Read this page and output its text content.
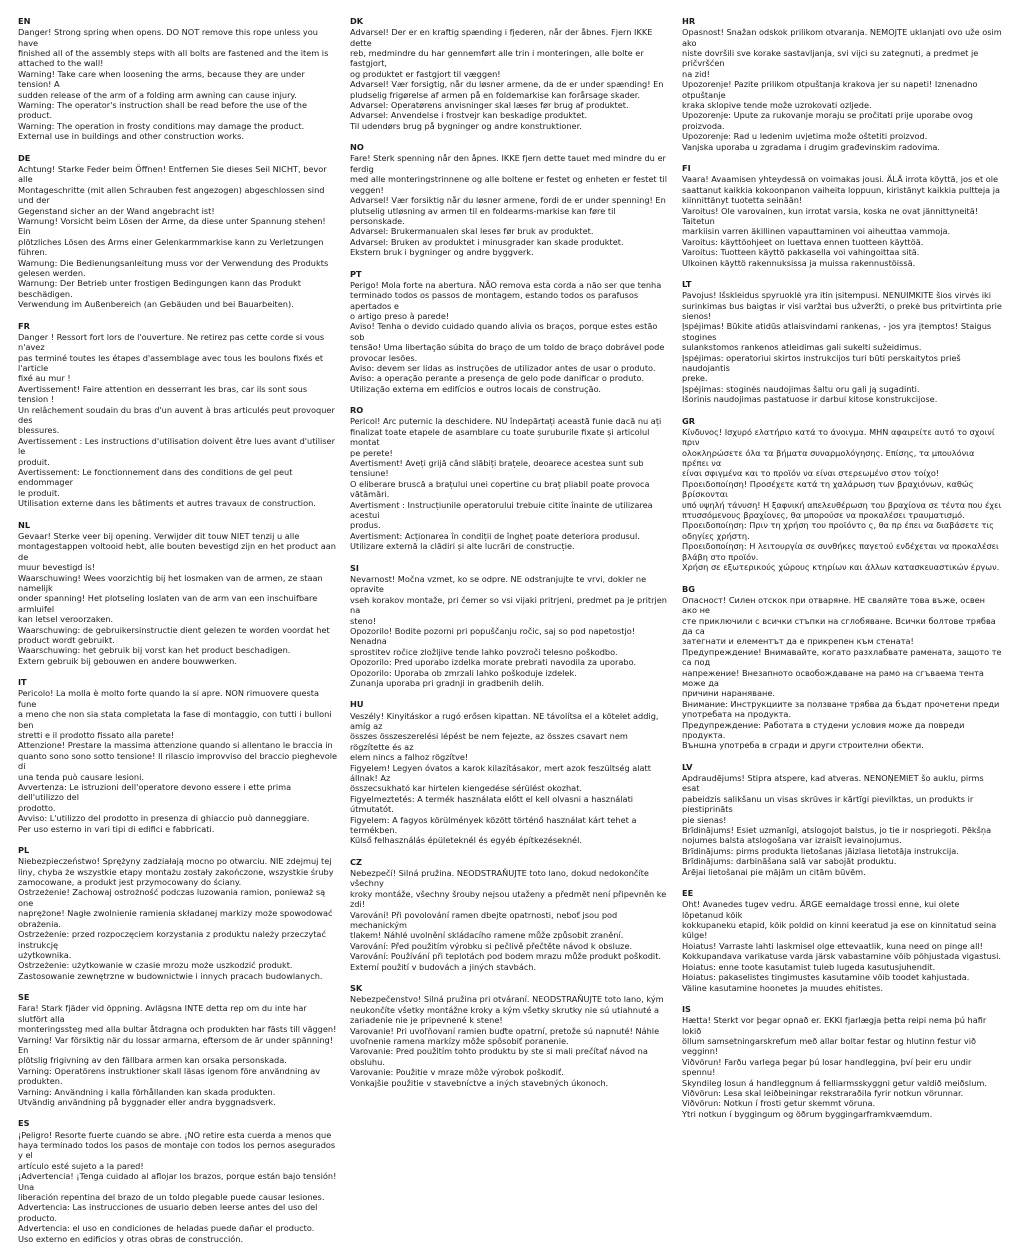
EN

Danger! Strong spring when opens. DO NOT remove this rope unless you have
finished all of the assembly steps with all bolts are fastened and the item is
attached to the wall!
Warning! Take care when loosening the arms, because they are under tension! A
sudden release of the arm of a folding arm awning can cause injury.
Warning: The operator's instruction shall be read before the use of the product.
Warning: The operation in frosty conditions may damage the product.
External use in buildings and other construction works.

DE

Achtung! Starke Feder beim Öffnen! Entfernen Sie dieses Seil NICHT, bevor alle
Montageschritte (mit allen Schrauben fest angezogen) abgeschlossen sind und der
Gegenstand sicher an der Wand angebracht ist!
Warnung! Vorsicht beim Lösen der Arme, da diese unter Spannung stehen! Ein
plötzliches Lösen des Arms einer Gelenkarmmarkise kann zu Verletzungen führen.
Warnung: Die Bedienungsanleitung muss vor der Verwendung des Produkts
gelesen werden.
Warnung: Der Betrieb unter frostigen Bedingungen kann das Produkt beschädigen.
Verwendung im Außenbereich (an Gebäuden und bei Bauarbeiten).

FR

Danger ! Ressort fort lors de l'ouverture. Ne retirez pas cette corde si vous n'avez
pas terminé toutes les étapes d'assemblage avec tous les boulons fixés et l'article
fixé au mur !
Avertissement! Faire attention en desserrant les bras, car ils sont sous tension !
Un relâchement soudain du bras d'un auvent à bras articulés peut provoquer des
blessures.
Avertissement : Les instructions d'utilisation doivent être lues avant d'utiliser le
produit.
Avertissement: Le fonctionnement dans des conditions de gel peut endommager
le produit.
Utilisation externe dans les bâtiments et autres travaux de construction.

NL

Gevaar! Sterke veer bij opening. Verwijder dit touw NIET tenzij u alle
montagestappen voltooid hebt, alle bouten bevestigd zijn en het product aan de
muur bevestigd is!
Waarschuwing! Wees voorzichtig bij het losmaken van de armen, ze staan namelijk
onder spanning! Het plotseling loslaten van de arm van een inschuifbare armluifel
kan letsel veroorzaken.
Waarschuwing: de gebruikersinstructie dient gelezen te worden voordat het
product wordt gebruikt.
Waarschuwing: het gebruik bij vorst kan het product beschadigen.
Extern gebruik bij gebouwen en andere bouwwerken.

IT

Pericolo! La molla è molto forte quando la si apre. NON rimuovere questa fune
a meno che non sia stata completata la fase di montaggio, con tutti i bulloni ben
stretti e il prodotto fissato alla parete!
Attenzione! Prestare la massima attenzione quando si allentano le braccia in
quanto sono sono sotto tensione! Il rilascio improvviso del braccio pieghevole di
una tenda può causare lesioni.
Avvertenza: Le istruzioni dell'operatore devono essere i ette prima dell'utilizzo del
prodotto.
Avviso: L'utilizzo del prodotto in presenza di ghiaccio può danneggiare.
Per uso esterno in vari tipi di edifici e fabbricati.

PL

Niebezpieczeństwo! Sprężyny zadziałają mocno po otwarciu. NIE zdejmuj tej
liny, chyba że wszystkie etapy montażu zostały zakończone, wszystkie śruby
zamocowane, a produkt jest przymocowany do ściany.
Ostrzeżenie! Zachowaj ostrożność podczas luzowania ramion, ponieważ są one
naprężone! Nagłe zwolnienie ramienia składanej markizy może spowodować
obrażenia.
Ostrzeżenie: przed rozpoczęciem korzystania z produktu należy przeczytać instrukcję
użytkownika.
Ostrzeżenie: użytkowanie w czasie mrozu może uszkodzić produkt.
Zastosowanie zewnętrzne w budownictwie i innych pracach budowlanych.

SE

Fara! Stark fjäder vid öppning. Avlägsna INTE detta rep om du inte har slutfört alla
monteringssteg med alla bultar åtdragna och produkten har fästs till väggen!
Varning! Var försiktig när du lossar armarna, eftersom de är under spänning! En
plötslig frigivning av den fällbara armen kan orsaka personskada.
Varning: Operatörens instruktioner skall läsas igenom före användning av
produkten.
Varning: Användning i kalla förhållanden kan skada produkten.
Utvändig användning på byggnader eller andra byggnadsverk.

ES

¡Peligro! Resorte fuerte cuando se abre. ¡NO retire esta cuerda a menos que
haya terminado todos los pasos de montaje con todos los pernos asegurados y el
artículo esté sujeto a la pared!
¡Advertencia! ¡Tenga cuidado al aflojar los brazos, porque están bajo tensión! Una
liberación repentina del brazo de un toldo plegable puede causar lesiones.
Advertencia: Las instrucciones de usuario deben leerse antes del uso del producto.
Advertencia: el uso en condiciones de heladas puede dañar el producto.
Uso externo en edificios y otras obras de construcción.

DK

Advarsel! Der er en kraftig spænding i fjederen, når der åbnes. Fjern IKKE dette
reb, medmindre du har gennemført alle trin i monteringen, alle bolte er fastgjort,
og produktet er fastgjort til væggen!
Advarsel! Vær forsigtig, når du løsner armene, da de er under spænding! En
pludselig frigørelse af armen på en foldemarkise kan forårsage skader.
Advarsel: Operatørens anvisninger skal læses før brug af produktet.
Advarsel: Anvendelse i frostvejr kan beskadige produktet.
Til udendørs brug på bygninger og andre konstruktioner.

NO

Fare! Sterk spenning når den åpnes. IKKE fjern dette tauet med mindre du er ferdig
med alle monteringstrinnene og alle boltene er festet og enheten er festet til
veggen!
Advarsel! Vær forsiktig når du løsner armene, fordi de er under spenning! En
plutselig utløsning av armen til en foldearms-markise kan føre til personskade.
Advarsel: Brukermanualen skal leses før bruk av produktet.
Advarsel: Bruken av produktet i minusgrader kan skade produktet.
Ekstern bruk i bygninger og andre byggverk.

PT

Perigo! Mola forte na abertura. NÃO remova esta corda a não ser que tenha
terminado todos os passos de montagem, estando todos os parafusos apertados e
o artigo preso à parede!
Aviso! Tenha o devido cuidado quando alivia os braços, porque estes estão sob
tensão! Uma libertação súbita do braço de um toldo de braço dobrável pode
provocar lesões.
Aviso: devem ser lidas as instruções de utilizador antes de usar o produto.
Aviso: a operação perante a presença de gelo pode danificar o produto.
Utilização externa em edifícios e outros locais de construção.

RO

Pericol! Arc puternic la deschidere. NU îndepărtați această funie dacă nu ați
finalizat toate etapele de asamblare cu toate șuruburile fixate și articolul montat
pe perete!
Avertisment! Aveți grijă când slăbiți brațele, deoarece acestea sunt sub tensiune!
O eliberare bruscă a brațului unei copertine cu braț pliabil poate provoca vătămări.
Avertisment : Instrucțiunile operatorului trebuie citite înainte de utilizarea acestui
produs.
Avertisment: Acționarea în condiții de îngheț poate deteriora produsul.
Utilizare externă la clădiri și alte lucrări de construcție.

SI

Nevarnost! Močna vzmet, ko se odpre. NE odstranjujte te vrvi, dokler ne opravite
vseh korakov montaže, pri čemer so vsi vijaki pritrjeni, predmet pa je pritrjen na
steno!
Opozorilo! Bodite pozorni pri popuščanju ročic, saj so pod napetostjo! Nenadna
sprostitev ročice zložljive tende lahko povzroči telesno poškodbo.
Opozorilo: Pred uporabo izdelka morate prebrati navodila za uporabo.
Opozorilo: Uporaba ob zmrzali lahko poškoduje izdelek.
Zunanja uporaba pri gradnji in gradbenih delih.

HU

Veszély! Kinyitáskor a rugó erősen kipattan. NE távolítsa el a kötelet addig, amíg az
összes összeszerelési lépést be nem fejezte, az összes csavart nem rögzítette és az
elem nincs a falhoz rögzítve!
Figyelem! Legyen óvatos a karok kilazításakor, mert azok feszültség alatt állnak! Az
összecsukható kar hirtelen kiengedése sérülést okozhat.
Figyelmeztetés: A termék használata előtt el kell olvasni a használati útmutatót.
Figyelem: A fagyos körülmények között történő használat kárt tehet a termékben.
Külső felhasználás épületeknél és egyéb építkezéseknél.

CZ

Nebezpečí! Silná pružina. NEODSTRAŇUJTE toto lano, dokud nedokončíte všechny
kroky montáže, všechny šrouby nejsou utaženy a předmět není připevněn ke zdi!
Varování! Při povolování ramen dbejte opatrnosti, neboť jsou pod mechanickým
tlakem! Náhlé uvolnění skládacího ramene může způsobit zranění.
Varování: Před použitím výrobku si pečlivě přečtěte návod k obsluze.
Varování: Používání při teplotách pod bodem mrazu může produkt poškodit.
Externí použití v budovách a jiných stavbách.

SK

Nebezpečenstvo! Silná pružina pri otváraní. NEODSTRAŇUJTE toto lano, kým
neukončíte všetky montážne kroky a kým všetky skrutky nie sú utiahnuté a
zariadenie nie je pripevnené k stene!
Varovanie! Pri uvoľňovaní ramien buďte opatrní, pretože sú napnuté! Náhle
uvoľnenie ramena markízy môže spôsobiť poranenie.
Varovanie: Pred použitím tohto produktu by ste si mali prečítať návod na obsluhu.
Varovanie: Použitie v mraze môže výrobok poškodiť.
Vonkajšie použitie v stavebníctve a iných stavebných úkonoch.

HR

Opasnost! Snažan odskok prilikom otvaranja. NEMOJTE uklanjati ovo uže osim ako
niste dovršili sve korake sastavljanja, svi vijci su zategnuti, a predmet je pričvršćen
na zid!
Upozorenje! Pazite prilikom otpuštanja krakova jer su napeti! Iznenadno otpuštanje
kraka sklopive tende može uzrokovati ozljede.
Upozorenje: Upute za rukovanje moraju se pročitati prije uporabe ovog proizvoda.
Upozorenje: Rad u ledenim uvjetima može oštetiti proizvod.
Vanjska uporaba u zgradama i drugim građevinskim radovima.

FI

Vaara! Avaamisen yhteydessä on voimakas jousi. ÄLÄ irrota köyttä, jos et ole
saattanut kaikkia kokoonpanon vaiheita loppuun, kiristänyt kaikkia pultteja ja
kiinnittänyt tuotetta seinään!
Varoitus! Ole varovainen, kun irrotat varsia, koska ne ovat jännittyneitä! Taitetun
markiisin varren äkillinen vapauttaminen voi aiheuttaa vammoja.
Varoitus: käyttöohjeet on luettava ennen tuotteen käyttöä.
Varoitus: Tuotteen käyttö pakkasella voi vahingoittaa sitä.
Ulkoinen käyttö rakennuksissa ja muissa rakennustöissä.

LT

Pavojus! Išskleidus spyruoklė yra itin įsitempusi. NENUIMKITE šios virvės iki
surinkimas bus baigtas ir visi varžtai bus užveržti, o prekė bus pritvirtinta prie
sienos!
Įspėjimas! Būkite atidūs atlaisvindami rankenas, - jos yra įtemptos! Staigus stogines
sulankstomos rankenos atleidimas gali sukelti sužeidimus.
Įspėjimas: operatoriui skirtos instrukcijos turi būti perskaitytos prieš naudojantis
preke.
Įspėjimas: stoginės naudojimas šaltu oru gali ją sugadinti.
Išorinis naudojimas pastatuose ir darbui kitose konstrukcijose.

GR

Κίνδυνος! Ισχυρό ελατήριο κατά το άνοιγμα. ΜΗΝ αφαιρείτε αυτό το σχοινί πριν
ολοκληρώσετε όλα τα βήματα συναρμολόγησης. Επίσης, τα μπουλόνια πρέπει να
είναι σφιγμένα και το προϊόν να είναι στερεωμένο στον τοίχο!
Προειδοποίηση! Προσέχετε κατά τη χαλάρωση των βραχιόνων, καθώς βρίσκονται
υπό υψηλή τάνυση! Η ξαφνική απελευθέρωση του βραχίονα σε τέντα που έχει
πτυσσόμενους βραχίονες, θα μπορούσε να προκαλέσει τραυματισμό.
Προειδοποίηση: Πριν τη χρήση του προϊόντο ς, θα πρ έπει να διαβάσετε τις
οδηγίες χρήστη.
Προειδοποίηση: Η λειτουργία σε συνθήκες παγετού ενδέχεται να προκαλέσει
βλάβη στο προϊόν.
Χρήση σε εξωτερικούς χώρους κτηρίων και άλλων κατασκευαστικών έργων.

BG

Опасност! Силен отскок при отваряне. НЕ сваляйте това въже, освен ако не
сте приключили с всички стъпки на сглобяване. Всички болтове трябва да са
затегнати и елементът да е прикрепен към стената!
Предупреждение! Внимавайте, когато разхлабвате рамената, защото те са под
напрежение! Внезапното освобождаване на рамо на сгъваема тента може да
причини нараняване.
Внимание: Инструкциите за ползване трябва да бъдат прочетени преди
употребата на продукта.
Предупреждение: Работата в студени условия може да повреди продукта.
Външна употреба в сгради и други строителни обекти.

LV

Apdraudējums! Stipra atspere, kad atveras. NENOŅEMIET šo auklu, pirms esat
pabeidzis salikšanu un visas skrūves ir kārtīgi pievilktas, un produkts ir piestiprināts
pie sienas!
Brīdinājums! Esiet uzmanīgi, atslogojot balstus, jo tie ir nospriegoti. Pēkšņa
nojumes balsta atslogošana var izraisīt ievainojumus.
Brīdinājums: pirms produkta lietošanas jāizlasa lietotāja instrukcija.
Brīdinājums: darbināšana salā var sabojāt produktu.
Ārējai lietošanai pie mājām un citām būvēm.

EE

Oht! Avanedes tugev vedru. ÄRGE eemaldage trossi enne, kui olete lõpetanud kõik
kokkupaneku etapid, kõik poldid on kinni keeratud ja ese on kinnitatud seina külge!
Hoiatus! Varraste lahti laskmisel olge ettevaatlik, kuna need on pinge all!
Kokkupandava varikatuse varda järsk vabastamine võib põhjustada vigastusi.
Hoiatus: enne toote kasutamist tuleb lugeda kasutusjuhendit.
Hoiatus: pakaselistes tingimustes kasutamine võib toodet kahjustada.
Väline kasutamine hoonetes ja muudes ehitistes.

IS

Hætta! Sterkt vor þegar opnað er. EKKI fjarlægja þetta reipi nema þú hafir lokið
öllum samsetningarskrefum með allar boltar festar og hlutinn festur við vegginn!
Viðvörun! Farðu varlega þegar þú losar handleggina, því þeir eru undir spennu!
Skyndileg losun á handleggnum á felliarmsskyggni getur valdið meiðslum.
Viðvörun: Lesa skal leiðbeiningar rekstraraðila fyrir notkun vörunnar.
Viðvörun: Notkun í frosti getur skemmt vöruna.
Ytri notkun í byggingum og öðrum byggingarframkvæmdum.
